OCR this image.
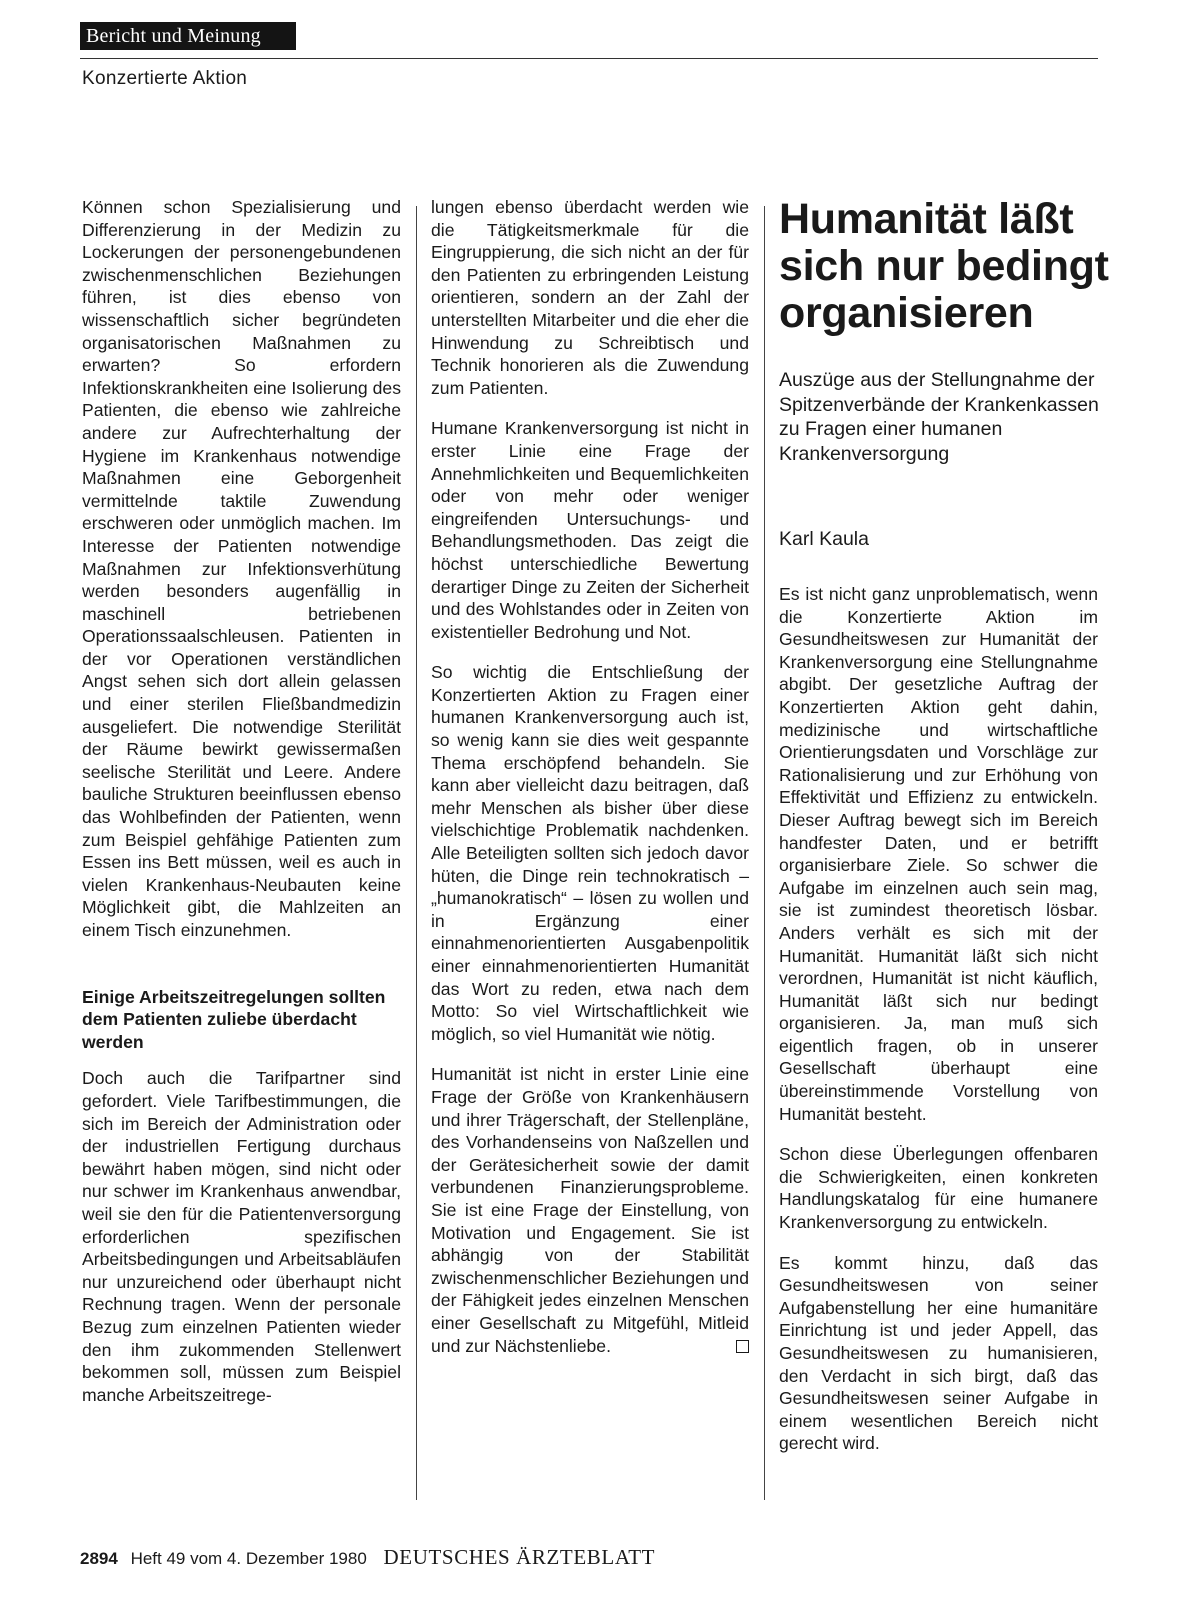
Bericht und Meinung
Konzertierte Aktion

Können schon Spezialisierung und Differenzierung in der Medizin zu Lockerungen der personengebundenen zwischenmenschlichen Beziehungen führen, ist dies ebenso von wissenschaftlich sicher begründeten organisatorischen Maßnahmen zu erwarten? So erfordern Infektionskrankheiten eine Isolierung des Patienten, die ebenso wie zahlreiche andere zur Aufrechterhaltung der Hygiene im Krankenhaus notwendige Maßnahmen eine Geborgenheit vermittelnde taktile Zuwendung erschweren oder unmöglich machen. Im Interesse der Patienten notwendige Maßnahmen zur Infektionsverhütung werden besonders augenfällig in maschinell betriebenen Operationssaalschleusen. Patienten in der vor Operationen verständlichen Angst sehen sich dort allein gelassen und einer sterilen Fließbandmedizin ausgeliefert. Die notwendige Sterilität der Räume bewirkt gewissermaßen seelische Sterilität und Leere. Andere bauliche Strukturen beeinflussen ebenso das Wohlbefinden der Patienten, wenn zum Beispiel gehfähige Patienten zum Essen ins Bett müssen, weil es auch in vielen Krankenhaus-Neubauten keine Möglichkeit gibt, die Mahlzeiten an einem Tisch einzunehmen.

Einige Arbeitszeitregelungen sollten dem Patienten zuliebe überdacht werden

Doch auch die Tarifpartner sind gefordert. Viele Tarifbestimmungen, die sich im Bereich der Administration oder der industriellen Fertigung durchaus bewährt haben mögen, sind nicht oder nur schwer im Krankenhaus anwendbar, weil sie den für die Patientenversorgung erforderlichen spezifischen Arbeitsbedingungen und Arbeitsabläufen nur unzureichend oder überhaupt nicht Rechnung tragen. Wenn der personale Bezug zum einzelnen Patienten wieder den ihm zukommenden Stellenwert bekommen soll, müssen zum Beispiel manche Arbeitszeitrege-

lungen ebenso überdacht werden wie die Tätigkeitsmerkmale für die Eingruppierung, die sich nicht an der für den Patienten zu erbringenden Leistung orientieren, sondern an der Zahl der unterstellten Mitarbeiter und die eher die Hinwendung zu Schreibtisch und Technik honorieren als die Zuwendung zum Patienten.

Humane Krankenversorgung ist nicht in erster Linie eine Frage der Annehmlichkeiten und Bequemlichkeiten oder von mehr oder weniger eingreifenden Untersuchungs- und Behandlungsmethoden. Das zeigt die höchst unterschiedliche Bewertung derartiger Dinge zu Zeiten der Sicherheit und des Wohlstandes oder in Zeiten von existentieller Bedrohung und Not.

So wichtig die Entschließung der Konzertierten Aktion zu Fragen einer humanen Krankenversorgung auch ist, so wenig kann sie dies weit gespannte Thema erschöpfend behandeln. Sie kann aber vielleicht dazu beitragen, daß mehr Menschen als bisher über diese vielschichtige Problematik nachdenken. Alle Beteiligten sollten sich jedoch davor hüten, die Dinge rein technokratisch – „humanokratisch“ – lösen zu wollen und in Ergänzung einer einnahmenorientierten Ausgabenpolitik einer einnahmenorientierten Humanität das Wort zu reden, etwa nach dem Motto: So viel Wirtschaftlichkeit wie möglich, so viel Humanität wie nötig.

Humanität ist nicht in erster Linie eine Frage der Größe von Krankenhäusern und ihrer Trägerschaft, der Stellenpläne, des Vorhandenseins von Naßzellen und der Gerätesicherheit sowie der damit verbundenen Finanzierungsprobleme. Sie ist eine Frage der Einstellung, von Motivation und Engagement. Sie ist abhängig von der Stabilität zwischenmenschlicher Beziehungen und der Fähigkeit jedes einzelnen Menschen einer Gesellschaft zu Mitgefühl, Mitleid und zur Nächstenliebe.

Humanität läßt sich nur bedingt organisieren
Auszüge aus der Stellungnahme der Spitzenverbände der Krankenkassen zu Fragen einer humanen Krankenversorgung
Karl Kaula

Es ist nicht ganz unproblematisch, wenn die Konzertierte Aktion im Gesundheitswesen zur Humanität der Krankenversorgung eine Stellungnahme abgibt. Der gesetzliche Auftrag der Konzertierten Aktion geht dahin, medizinische und wirtschaftliche Orientierungsdaten und Vorschläge zur Rationalisierung und zur Erhöhung von Effektivität und Effizienz zu entwickeln. Dieser Auftrag bewegt sich im Bereich handfester Daten, und er betrifft organisierbare Ziele. So schwer die Aufgabe im einzelnen auch sein mag, sie ist zumindest theoretisch lösbar. Anders verhält es sich mit der Humanität. Humanität läßt sich nicht verordnen, Humanität ist nicht käuflich, Humanität läßt sich nur bedingt organisieren. Ja, man muß sich eigentlich fragen, ob in unserer Gesellschaft überhaupt eine übereinstimmende Vorstellung von Humanität besteht.

Schon diese Überlegungen offenbaren die Schwierigkeiten, einen konkreten Handlungskatalog für eine humanere Krankenversorgung zu entwickeln.

Es kommt hinzu, daß das Gesundheitswesen von seiner Aufgabenstellung her eine humanitäre Einrichtung ist und jeder Appell, das Gesundheitswesen zu humanisieren, den Verdacht in sich birgt, daß das Gesundheitswesen seiner Aufgabe in einem wesentlichen Bereich nicht gerecht wird.

2894 Heft 49 vom 4. Dezember 1980 DEUTSCHES ÄRZTEBLATT
